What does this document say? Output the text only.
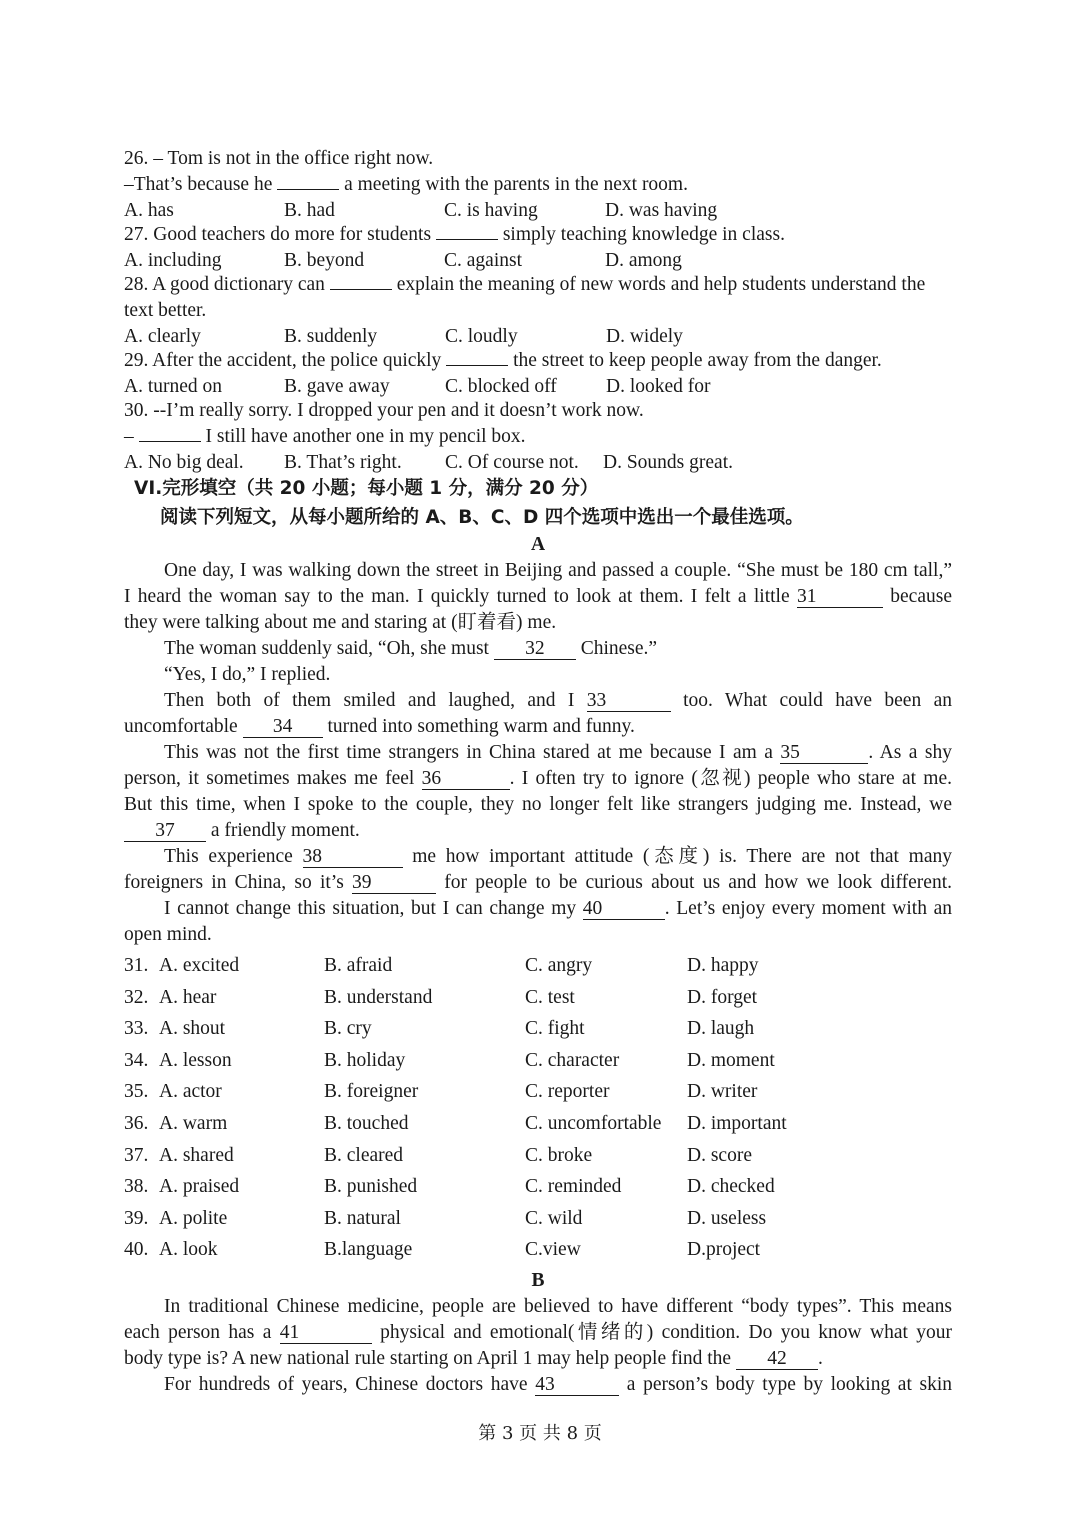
26. – Tom is not in the office right now.
–That’s because he	a meeting with the parents in the next room.
A. has	B. had	C. is having	D. was having
27. Good teachers do more for students	simply teaching knowledge in class.
A. including	B. beyond	C. against	D. among
28. A good dictionary can	explain the meaning of new words and help students understand the
text better.
A. clearly	B. suddenly	C. loudly	D. widely
29. After the accident, the police quickly	the street to keep people away from the danger.
A. turned on	B. gave away	C. blocked off	D. looked for
30. --I’m really sorry. I dropped your pen and it doesn’t work now.
–	I still have another one in my pencil box.
A. No big deal. B. That’s right. C. Of course not. D. Sounds great.
VI.完形填空（共 20 小题；每小题 1 分，满分 20 分）
阅读下列短文，从每小题所给的 A、B、C、D 四个选项中选出一个最佳选项。
A
One day, I was walking down the street in Beijing and passed a couple. “She must be 180 cm tall,”
I heard the woman say to the man. I quickly turned to look at them. I felt a little 31	because
they were talking about me and staring at (盯着看) me.
The woman suddenly said, “Oh, she must 32 Chinese.”
“Yes, I do,” I replied.
Then both of them smiled and laughed, and I 33	too. What could have been an
uncomfortable 34 turned into something warm and funny.
This was not the first time strangers in China stared at me because I am a 35	. As a shy
person, it sometimes makes me feel 36	. I often try to ignore (忽视) people who stare at me.
But this time, when I spoke to the couple, they no longer felt like strangers judging me. Instead, we
37 a friendly moment.
This experience 38	me how important attitude (态度) is. There are not that many
foreigners in China, so it’s 39	for people to be curious about us and how we look different.
I cannot change this situation, but I can change my 40	. Let’s enjoy every moment with an
open mind.
31. A. excited	B. afraid	C. angry	D. happy
32. A. hear	B. understand	C. test	D. forget
33. A. shout	B. cry	C. fight	D. laugh
34. A. lesson	B. holiday	C. character	D. moment
35. A. actor	B. foreigner	C. reporter	D. writer
36. A. warm	B. touched	C. uncomfortable D. important
37. A. shared	B. cleared	C. broke	D. score
38. A. praised	B. punished	C. reminded	D. checked
39. A. polite	B. natural	C. wild	D. useless
40. A. look	B.language	C.view	D.project
B
In traditional Chinese medicine, people are believed to have different “body types”. This means
each person has a 41	physical and emotional(情绪的) condition. Do you know what your
body type is? A new national rule starting on April 1 may help people find the 42 .
For hundreds of years, Chinese doctors have 43	a person’s body type by looking at skin
第 3 页 共 8 页
